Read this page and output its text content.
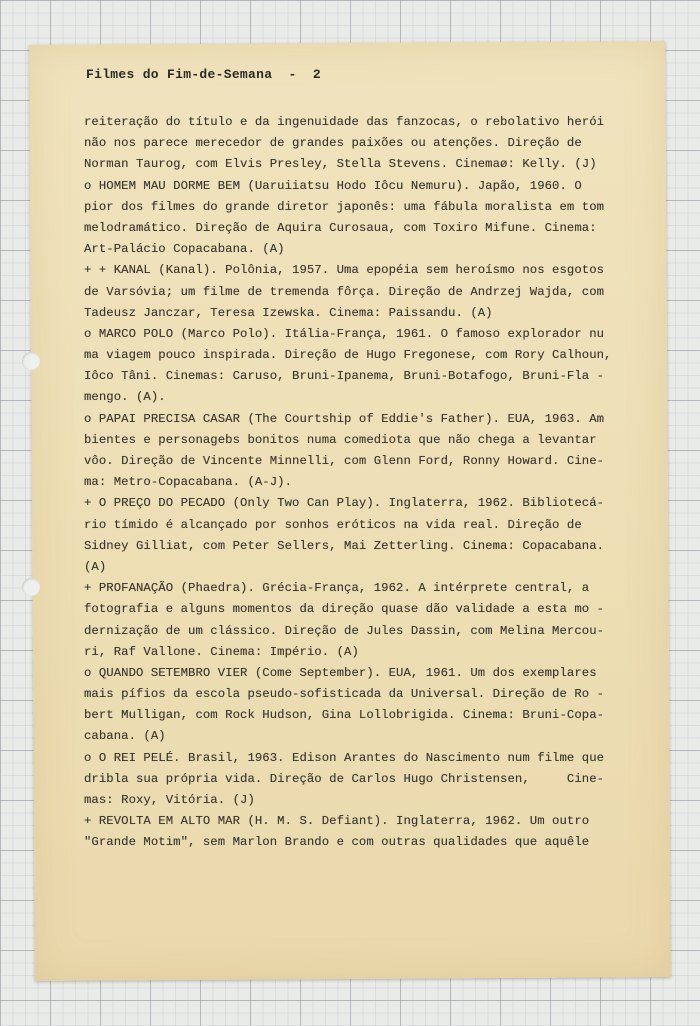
Filmes do Fim-de-Semana  -  2
reiteração do título e da ingenuidade das fanzocas, o rebolativo herói
não nos parece merecedor de grandes paixões ou atenções. Direção de
Norman Taurog, com Elvis Presley, Stella Stevens. Cinemaø: Kelly. (J)
o HOMEM MAU DORME BEM (Uaruiiatsu Hodo Iôcu Nemuru). Japão, 1960. O
pior dos filmes do grande diretor japonês: uma fábula moralista em tom
melodramático. Direção de Aquira Curosaua, com Toxiro Mifune. Cinema:
Art-Palácio Copacabana. (A)
+ + KANAL (Kanal). Polônia, 1957. Uma epopéia sem heroísmo nos esgotos
de Varsóvia; um filme de tremenda fôrça. Direção de Andrzej Wajda, com
Tadeusz Janczar, Teresa Izewska. Cinema: Paissandu. (A)
o MARCO POLO (Marco Polo). Itália-França, 1961. O famoso explorador nu
ma viagem pouco inspirada. Direção de Hugo Fregonese, com Rory Calhoun,
Iôco Tâni. Cinemas: Caruso, Bruni-Ipanema, Bruni-Botafogo, Bruni-Fla -
mengo. (A).
o PAPAI PRECISA CASAR (The Courtship of Eddie's Father). EUA, 1963. Am
bientes e personagebs bonitos numa comediota que não chega a levantar
vôo. Direção de Vincente Minnelli, com Glenn Ford, Ronny Howard. Cine-
ma: Metro-Copacabana. (A-J).
+ O PREÇO DO PECADO (Only Two Can Play). Inglaterra, 1962. Bibliotecá-
rio tímido é alcançado por sonhos eróticos na vida real. Direção de
Sidney Gilliat, com Peter Sellers, Mai Zetterling. Cinema: Copacabana.
(A)
+ PROFANAÇÃO (Phaedra). Grécia-França, 1962. A intérprete central, a
fotografia e alguns momentos da direção quase dão validade a esta mo -
dernização de um clássico. Direção de Jules Dassin, com Melina Mercou-
ri, Raf Vallone. Cinema: Império. (A)
o QUANDO SETEMBRO VIER (Come September). EUA, 1961. Um dos exemplares
mais pífios da escola pseudo-sofisticada da Universal. Direção de Ro -
bert Mulligan, com Rock Hudson, Gina Lollobrigida. Cinema: Bruni-Copa-
cabana. (A)
o O REI PELÉ. Brasil, 1963. Edison Arantes do Nascimento num filme que
dribla sua própria vida. Direção de Carlos Hugo Christensen,     Cine-
mas: Roxy, Vitória. (J)
+ REVOLTA EM ALTO MAR (H. M. S. Defiant). Inglaterra, 1962. Um outro
"Grande Motim", sem Marlon Brando e com outras qualidades que aquêle
